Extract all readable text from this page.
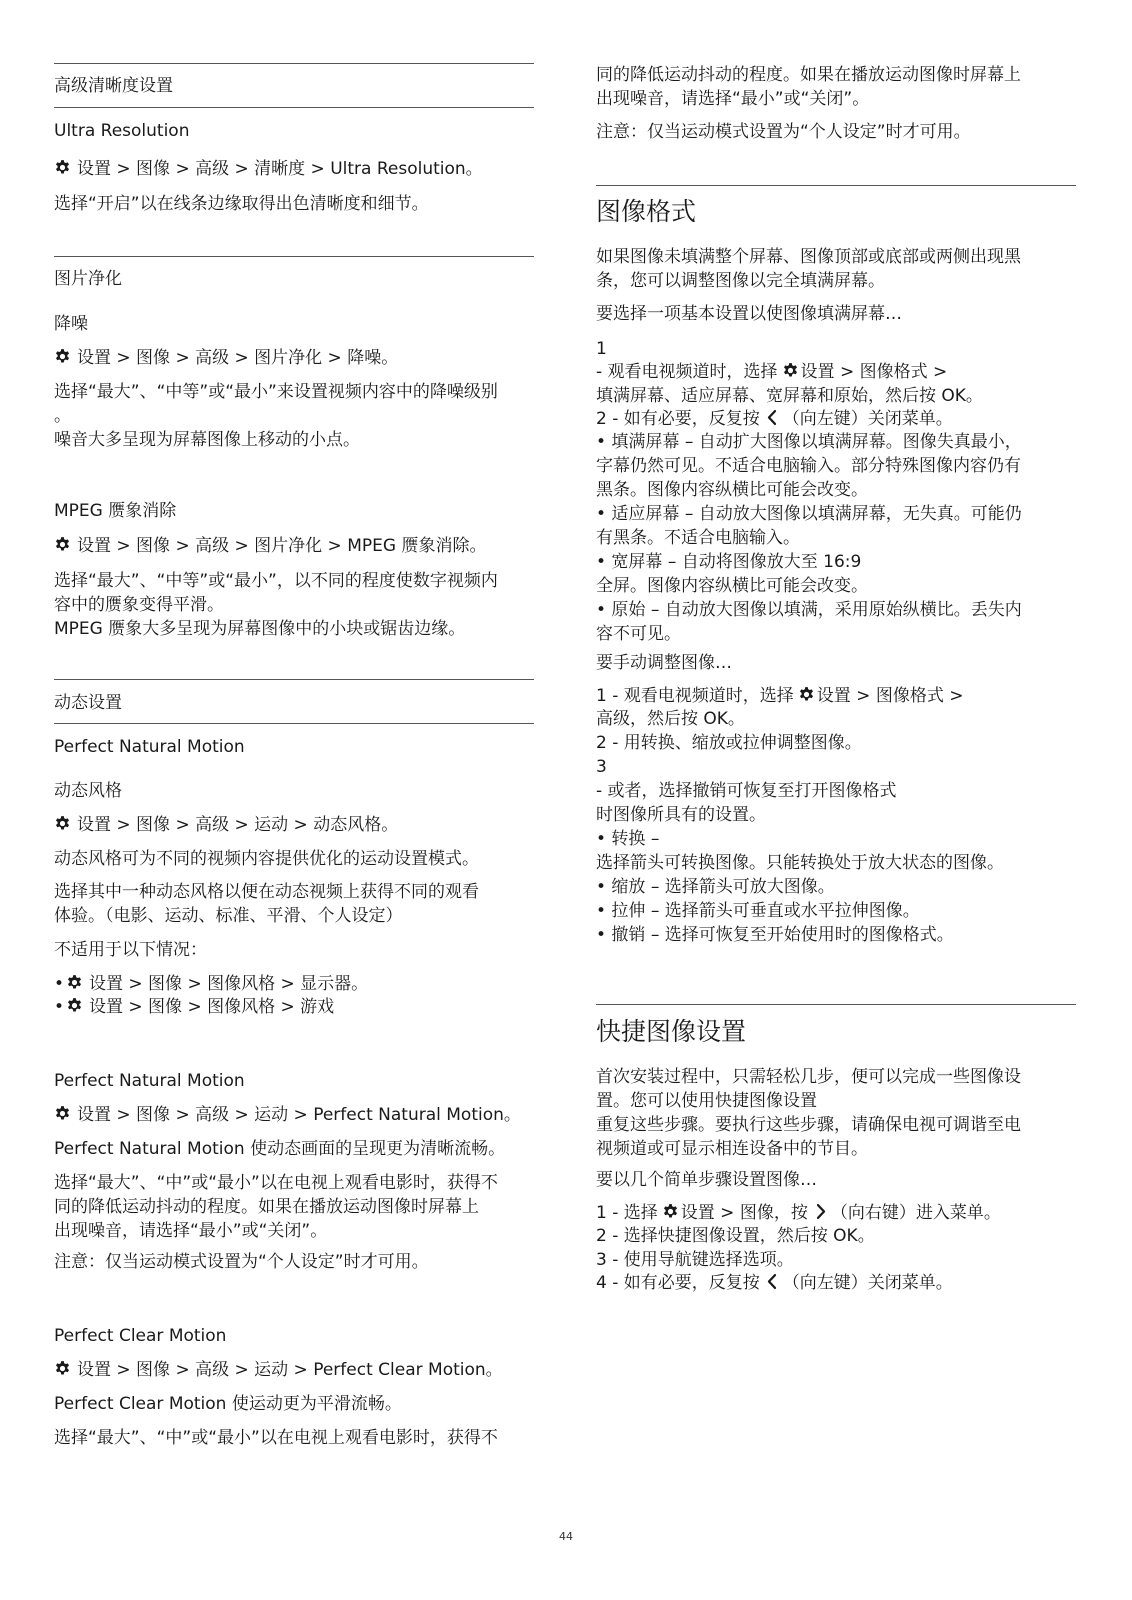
高级清晰度设置
Ultra Resolution
设置 > 图像 > 高级 > 清晰度 > Ultra Resolution。
选择“开启”以在线条边缘取得出色清晰度和细节。
图片净化
降噪
设置 > 图像 > 高级 > 图片净化 > 降噪。
选择“最大”、“中等”或“最小”来设置视频内容中的降噪级别
。
噪音大多呈现为屏幕图像上移动的小点。
MPEG 赝象消除
设置 > 图像 > 高级 > 图片净化 > MPEG 赝象消除。
选择“最大”、“中等”或“最小”，以不同的程度使数字视频内
容中的赝象变得平滑。
MPEG 赝象大多呈现为屏幕图像中的小块或锯齿边缘。
动态设置
Perfect Natural Motion
动态风格
设置 > 图像 > 高级 > 运动 > 动态风格。
动态风格可为不同的视频内容提供优化的运动设置模式。
选择其中一种动态风格以便在动态视频上获得不同的观看
体验。（电影、运动、标准、平滑、个人设定）
不适用于以下情况：
• 设置 > 图像 > 图像风格 > 显示器。
• 设置 > 图像 > 图像风格 > 游戏
Perfect Natural Motion
设置 > 图像 > 高级 > 运动 > Perfect Natural Motion。
Perfect Natural Motion 使动态画面的呈现更为清晰流畅。
选择“最大”、“中”或“最小”以在电视上观看电影时，获得不
同的降低运动抖动的程度。如果在播放运动图像时屏幕上
出现噪音，请选择“最小”或“关闭”。
注意：仅当运动模式设置为“个人设定”时才可用。
Perfect Clear Motion
设置 > 图像 > 高级 > 运动 > Perfect Clear Motion。
Perfect Clear Motion 使运动更为平滑流畅。
选择“最大”、“中”或“最小”以在电视上观看电影时，获得不
同的降低运动抖动的程度。如果在播放运动图像时屏幕上
出现噪音，请选择“最小”或“关闭”。
注意：仅当运动模式设置为“个人设定”时才可用。
图像格式
如果图像未填满整个屏幕、图像顶部或底部或两侧出现黑
条，您可以调整图像以完全填满屏幕。
要选择一项基本设置以使图像填满屏幕…
1
- 观看电视频道时，选择 设置 > 图像格式 >
填满屏幕、适应屏幕、宽屏幕和原始，然后按 OK。
2 - 如有必要，反复按 （向左键）关闭菜单。
• 填满屏幕 – 自动扩大图像以填满屏幕。图像失真最小，
字幕仍然可见。不适合电脑输入。部分特殊图像内容仍有
黑条。图像内容纵横比可能会改变。
• 适应屏幕 – 自动放大图像以填满屏幕，无失真。可能仍
有黑条。不适合电脑输入。
• 宽屏幕 – 自动将图像放大至 16:9
全屏。图像内容纵横比可能会改变。
• 原始 – 自动放大图像以填满，采用原始纵横比。丢失内
容不可见。
要手动调整图像…
1 - 观看电视频道时，选择 设置 > 图像格式 >
高级，然后按 OK。
2 - 用转换、缩放或拉伸调整图像。
3
- 或者，选择撤销可恢复至打开图像格式
时图像所具有的设置。
• 转换 –
选择箭头可转换图像。只能转换处于放大状态的图像。
• 缩放 – 选择箭头可放大图像。
• 拉伸 – 选择箭头可垂直或水平拉伸图像。
• 撤销 – 选择可恢复至开始使用时的图像格式。
快捷图像设置
首次安装过程中，只需轻松几步，便可以完成一些图像设
置。您可以使用快捷图像设置
重复这些步骤。要执行这些步骤，请确保电视可调谐至电
视频道或可显示相连设备中的节目。
要以几个简单步骤设置图像…
1 - 选择 设置 > 图像，按 （向右键）进入菜单。
2 - 选择快捷图像设置，然后按 OK。
3 - 使用导航键选择选项。
4 - 如有必要，反复按 （向左键）关闭菜单。
44
